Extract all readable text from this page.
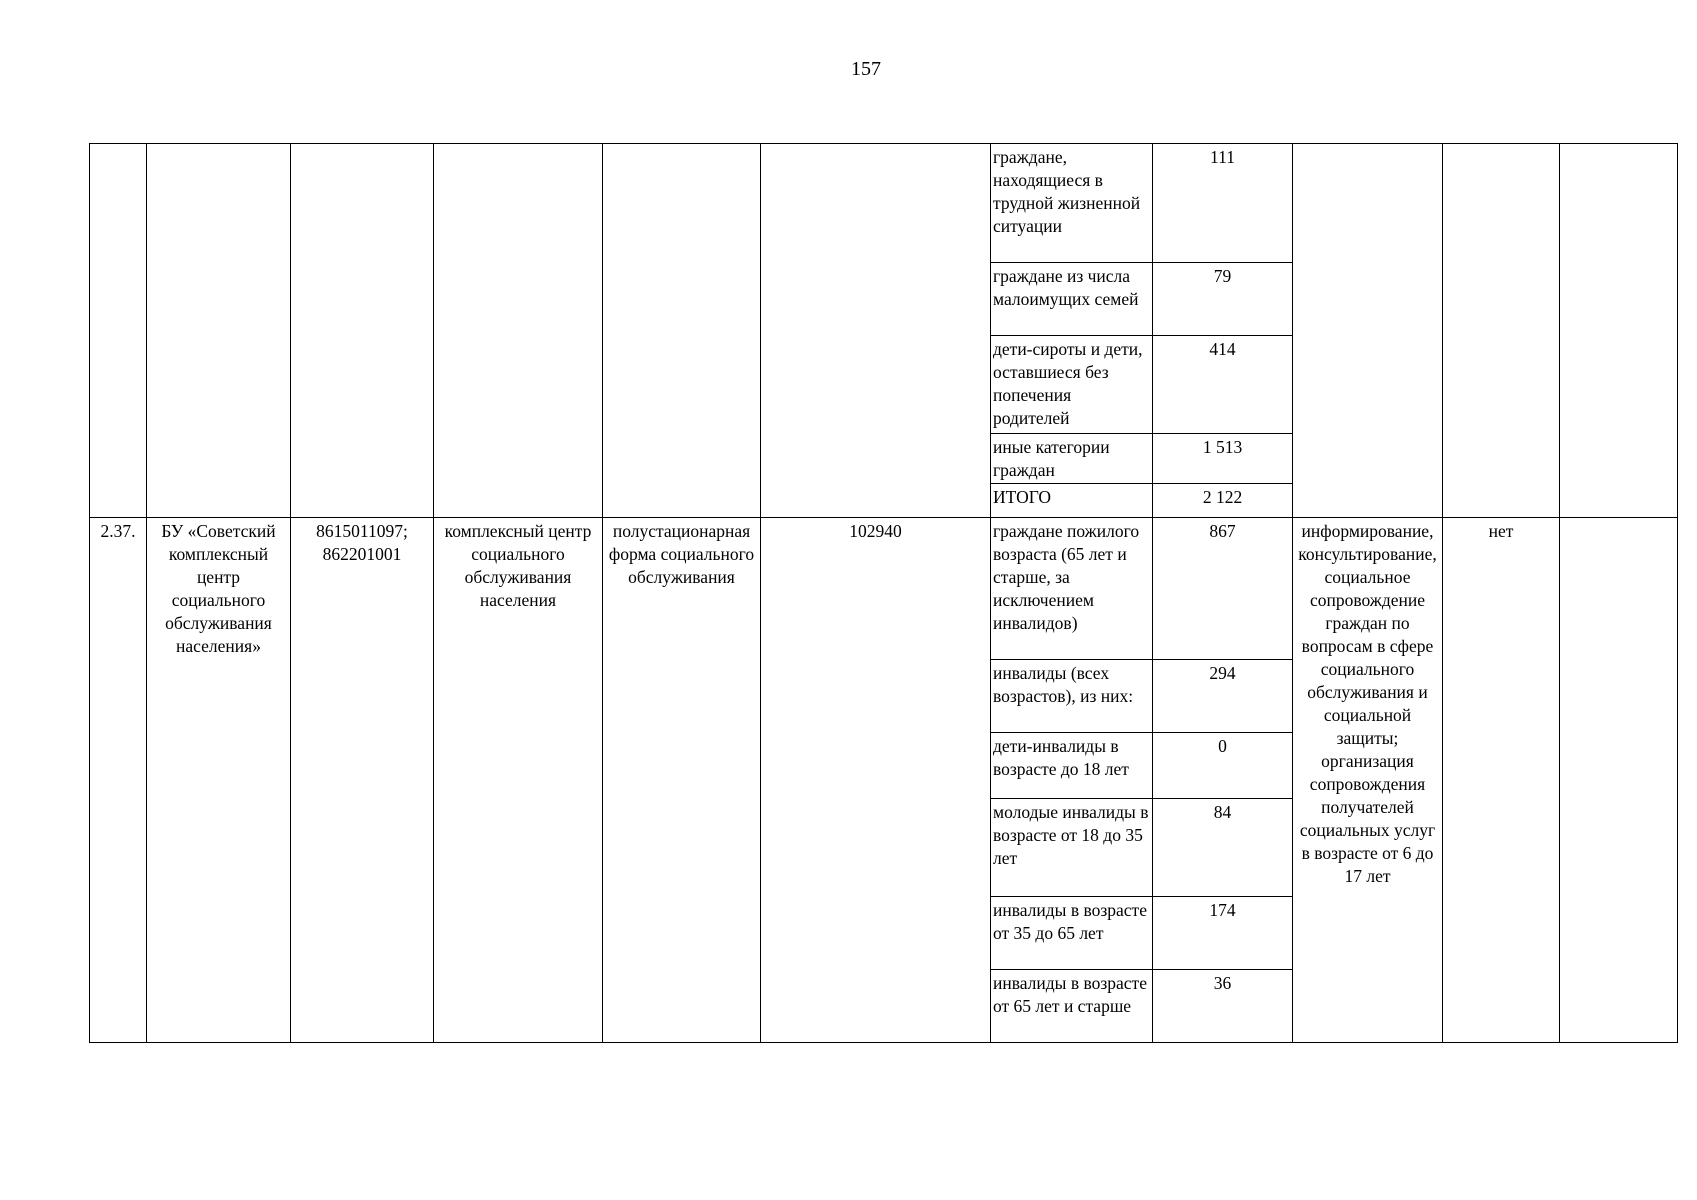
157
						граждане, находящиеся в трудной жизненной ситуации	111			
						граждане из числа малоимущих семей	79			
						дети-сироты и дети, оставшиеся без попечения родителей	414			
						иные категории граждан	1 513			
						ИТОГО	2 122			
2.37.	БУ «Советский комплексный центр социального обслуживания населения»	8615011097; 862201001	комплексный центр социального обслуживания населения	полустационарная форма социального обслуживания	102940	граждане пожилого возраста (65 лет и старше, за исключением инвалидов)	867	информирование, консультирование, социальное сопровождение граждан по вопросам в сфере социального обслуживания и социальной защиты; организация сопровождения получателей социальных услуг в возрасте от 6 до 17 лет	нет	
						инвалиды (всех возрастов), из них:	294			
						дети-инвалиды в возрасте до 18 лет	0			
						молодые инвалиды в возрасте от 18 до 35 лет	84			
						инвалиды в возрасте от 35 до 65 лет	174			
						инвалиды в возрасте от 65 лет и старше	36			
